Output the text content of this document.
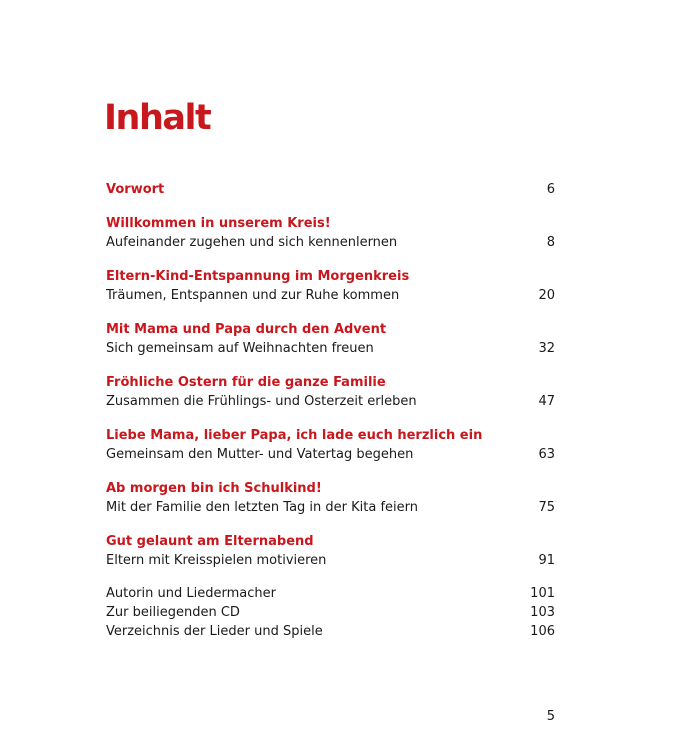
Inhalt
Vorwort	6
Willkommen in unserem Kreis!
Aufeinander zugehen und sich kennenlernen	8
Eltern-Kind-Entspannung im Morgenkreis
Träumen, Entspannen und zur Ruhe kommen	20
Mit Mama und Papa durch den Advent
Sich gemeinsam auf Weihnachten freuen	32
Fröhliche Ostern für die ganze Familie
Zusammen die Frühlings- und Osterzeit erleben	47
Liebe Mama, lieber Papa, ich lade euch herzlich ein
Gemeinsam den Mutter- und Vatertag begehen	63
Ab morgen bin ich Schulkind!
Mit der Familie den letzten Tag in der Kita feiern	75
Gut gelaunt am Elternabend
Eltern mit Kreisspielen motivieren	91
Autorin und Liedermacher	101
Zur beiliegenden CD	103
Verzeichnis der Lieder und Spiele	106
5
